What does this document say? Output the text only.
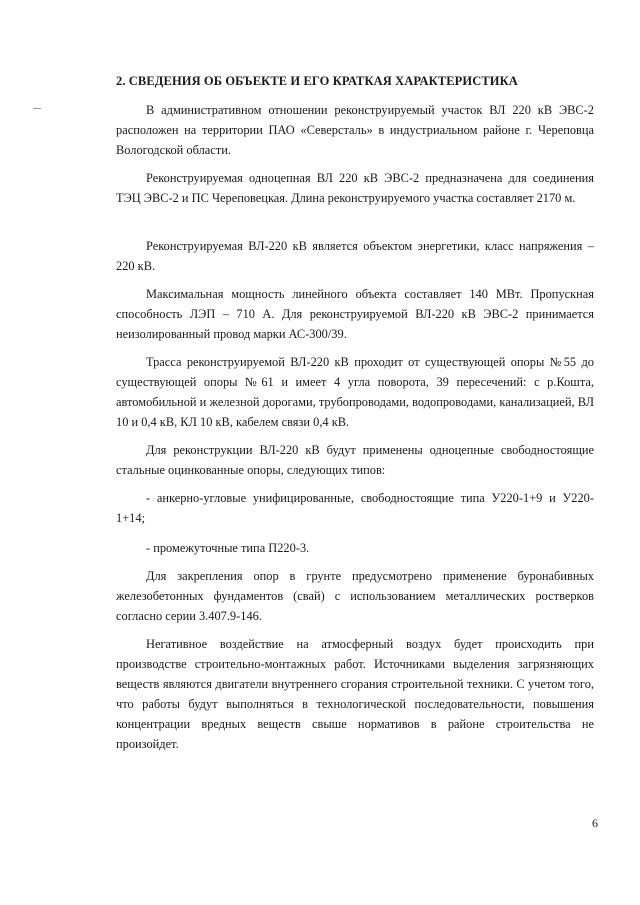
2. СВЕДЕНИЯ ОБ ОБЪЕКТЕ И ЕГО КРАТКАЯ ХАРАКТЕРИСТИКА
В административном отношении реконструируемый участок ВЛ 220 кВ ЭВС-2 расположен на территории ПАО «Северсталь» в индустриальном районе г. Череповца Вологодской области.
Реконструируемая одноцепная ВЛ 220 кВ ЭВС-2 предназначена для соединения ТЭЦ ЭВС-2 и ПС Череповецкая. Длина реконструируемого участка составляет 2170 м.
Реконструируемая ВЛ-220 кВ является объектом энергетики, класс напряжения – 220 кВ.
Максимальная мощность линейного объекта составляет 140 МВт. Пропускная способность ЛЭП – 710 А. Для реконструируемой ВЛ-220 кВ ЭВС-2 принимается неизолированный провод марки АС-300/39.
Трасса реконструируемой ВЛ-220 кВ проходит от существующей опоры №55 до существующей опоры №61 и имеет 4 угла поворота, 39 пересечений: с р.Кошта, автомобильной и железной дорогами, трубопроводами, водопроводами, канализацией, ВЛ 10 и 0,4 кВ, КЛ 10 кВ, кабелем связи 0,4 кВ.
Для реконструкции ВЛ-220 кВ будут применены одноцепные свободностоящие стальные оцинкованные опоры, следующих типов:
- анкерно-угловые унифицированные, свободностоящие типа У220-1+9 и У220-1+14;
- промежуточные типа П220-3.
Для закрепления опор в грунте предусмотрено применение буронабивных железобетонных фундаментов (свай) с использованием металлических ростверков согласно серии 3.407.9-146.
Негативное воздействие на атмосферный воздух будет происходить при производстве строительно-монтажных работ. Источниками выделения загрязняющих веществ являются двигатели внутреннего сгорания строительной техники. С учетом того, что работы будут выполняться в технологической последовательности, повышения концентрации вредных веществ свыше нормативов в районе строительства не произойдет.
6
